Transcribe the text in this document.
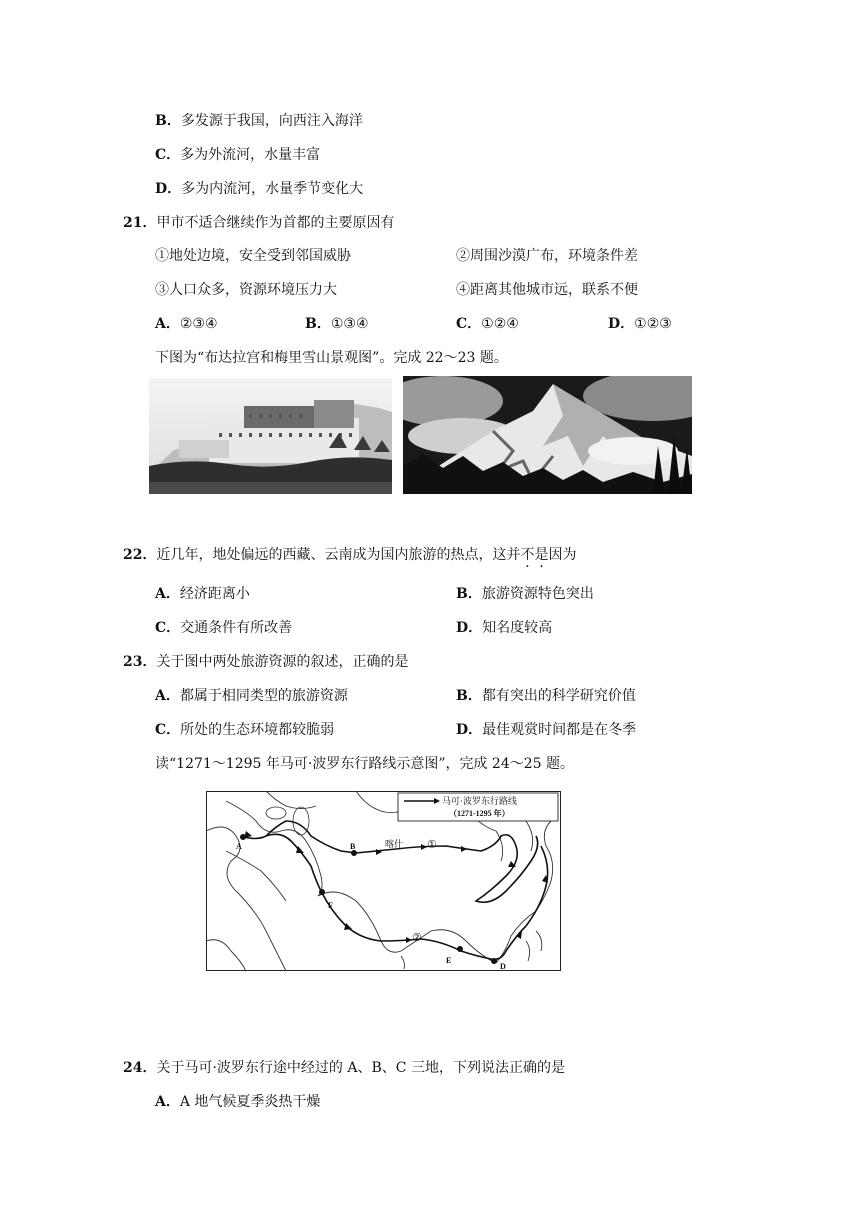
B．多发源于我国，向西注入海洋
C．多为外流河，水量丰富
D．多为内流河，水量季节变化大
21．甲市不适合继续作为首都的主要原因有
①地处边境，安全受到邻国威胁	②周围沙漠广布，环境条件差
③人口众多，资源环境压力大	④距离其他城市远，联系不便
A．②③④	B．①③④	C．①②④	D．①②③
下图为“布达拉宫和梅里雪山景观图”。完成 22～23 题。
22．近几年，地处偏远的西藏、云南成为国内旅游的热点，这并不是因为
A．经济距离小	B．旅游资源特色突出
C．交通条件有所改善	D．知名度较高
23．关于图中两处旅游资源的叙述，正确的是
A．都属于相同类型的旅游资源	B．都有突出的科学研究价值
C．所处的生态环境都较脆弱	D．最佳观赏时间都是在冬季
读“1271～1295 年马可·波罗东行路线示意图”，完成 24～25 题。
马可·波罗东行路线
（1271-1295 年）
A	B	喀什 ①
F
②
E
D
24．关于马可·波罗东行途中经过的 A、B、C 三地，下列说法正确的是
A．A 地气候夏季炎热干燥
